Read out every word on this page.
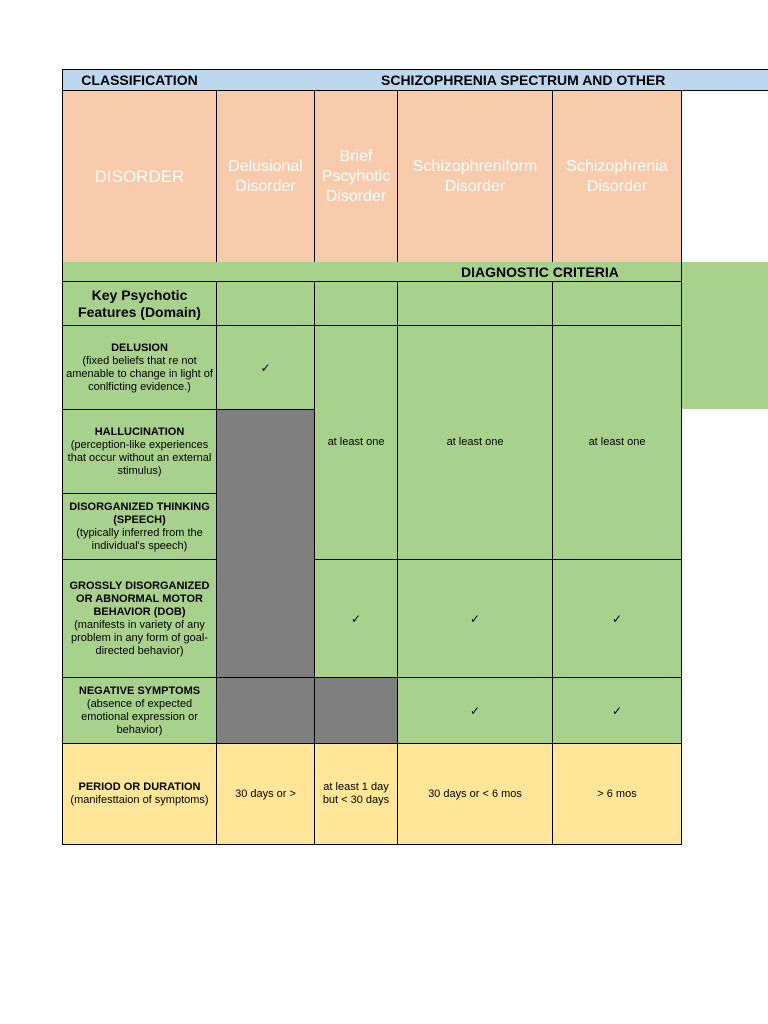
CLASSIFICATION	SCHIZOPHRENIA SPECTRUM AND OTHER
DISORDER
Delusional Disorder
Brief Pscyhotic Disorder
Schizophreniform Disorder
Schizophrenia Disorder
DIAGNOSTIC CRITERIA
Key Psychotic Features (Domain)
DELUSION
(fixed beliefs that re not amenable to change in light of conlficting evidence.)
HALLUCINATION
(perception-like experiences that occur without an external stimulus)
DISORGANIZED THINKING (SPEECH)
(typically inferred from the individual's speech)
GROSSLY DISORGANIZED OR ABNORMAL MOTOR BEHAVIOR (DOB)
(manifests in variety of any problem in any form of goal-directed behavior)
NEGATIVE SYMPTOMS
(absence of expected emotional expression or behavior)
✓
at least one
✓
at least one
✓
✓
at least one
✓
✓
PERIOD OR DURATION
(manifesttaion of symptoms)
30 days or >
at least 1 day but < 30 days
30 days or < 6 mos	> 6 mos
